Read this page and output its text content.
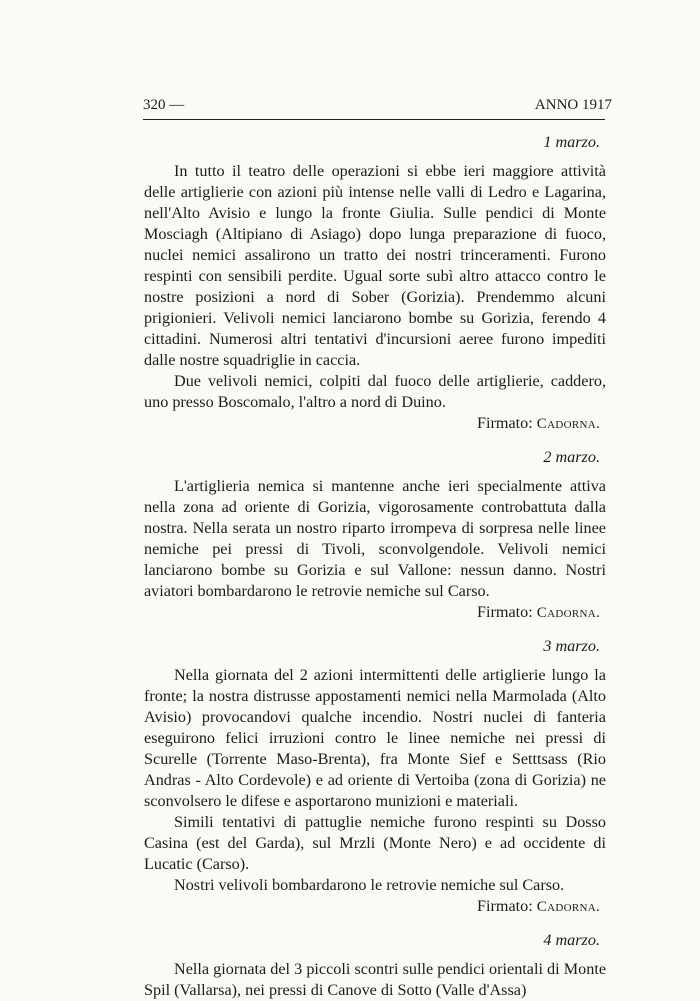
320 —	ANNO 1917
1 marzo.

In tutto il teatro delle operazioni si ebbe ieri maggiore attività delle artiglierie con azioni più intense nelle valli di Ledro e Lagarina, nell'Alto Avisio e lungo la fronte Giulia. Sulle pendici di Monte Mosciagh (Altipiano di Asiago) dopo lunga preparazione di fuoco, nuclei nemici assalirono un tratto dei nostri trinceramenti. Furono respinti con sensibili perdite. Ugual sorte subì altro attacco contro le nostre posizioni a nord di Sober (Gorizia). Prendemmo alcuni prigionieri. Velivoli nemici lanciarono bombe su Gorizia, ferendo 4 cittadini. Numerosi altri tentativi d'incursioni aeree furono impediti dalle nostre squadriglie in caccia.

Due velivoli nemici, colpiti dal fuoco delle artiglierie, caddero, uno presso Boscomalo, l'altro a nord di Duino.

Firmato: Cadorna.
2 marzo.

L'artiglieria nemica si mantenne anche ieri specialmente attiva nella zona ad oriente di Gorizia, vigorosamente controbattuta dalla nostra. Nella serata un nostro riparto irrompeva di sorpresa nelle linee nemiche pei pressi di Tivoli, sconvolgendole. Velivoli nemici lanciarono bombe su Gorizia e sul Vallone: nessun danno. Nostri aviatori bombardarono le retrovie nemiche sul Carso.

Firmato: Cadorna.
3 marzo.

Nella giornata del 2 azioni intermittenti delle artiglierie lungo la fronte; la nostra distrusse appostamenti nemici nella Marmolada (Alto Avisio) provocandovi qualche incendio. Nostri nuclei di fanteria eseguirono felici irruzioni contro le linee nemiche nei pressi di Scurelle (Torrente Maso-Brenta), fra Monte Sief e Setttsass (Rio Andras - Alto Cordevole) e ad oriente di Vertoiba (zona di Gorizia) ne sconvolsero le difese e asportarono munizioni e materiali.

Simili tentativi di pattuglie nemiche furono respinti su Dosso Casina (est del Garda), sul Mrzli (Monte Nero) e ad occidente di Lucatic (Carso).

Nostri velivoli bombardarono le retrovie nemiche sul Carso.

Firmato: Cadorna.
4 marzo.

Nella giornata del 3 piccoli scontri sulle pendici orientali di Monte Spil (Vallarsa), nei pressi di Canove di Sotto (Valle d'Assa)
